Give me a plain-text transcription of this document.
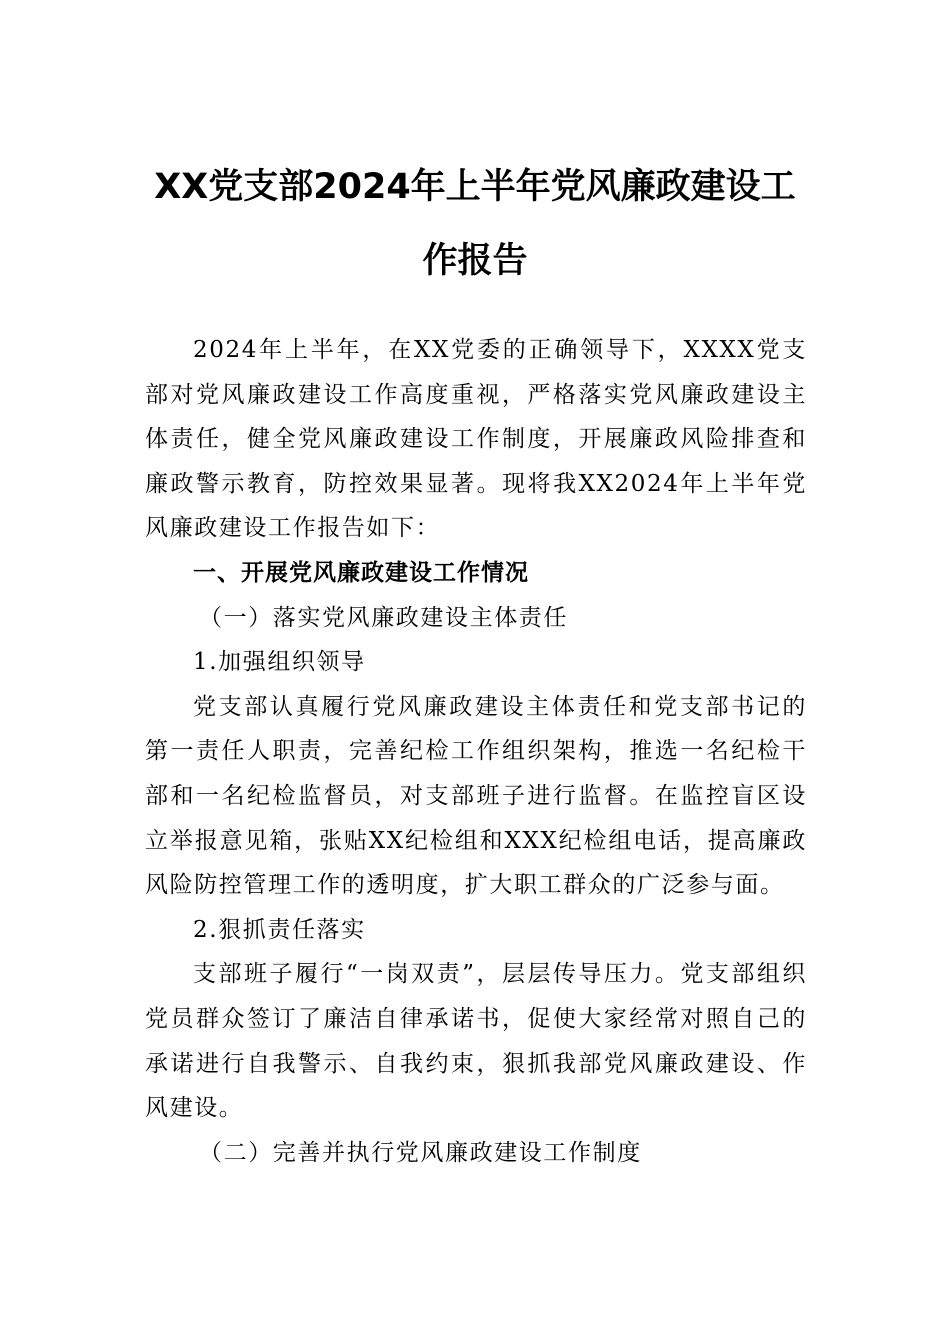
XX党支部2024年上半年党风廉政建设工作报告

2024年上半年，在XX党委的正确领导下，XXXX党支部对党风廉政建设工作高度重视，严格落实党风廉政建设主体责任，健全党风廉政建设工作制度，开展廉政风险排查和廉政警示教育，防控效果显著。现将我XX2024年上半年党风廉政建设工作报告如下：

一、开展党风廉政建设工作情况

（一）落实党风廉政建设主体责任

1.加强组织领导

党支部认真履行党风廉政建设主体责任和党支部书记的第一责任人职责，完善纪检工作组织架构，推选一名纪检干部和一名纪检监督员，对支部班子进行监督。在监控盲区设立举报意见箱，张贴XX纪检组和XXX纪检组电话，提高廉政风险防控管理工作的透明度，扩大职工群众的广泛参与面。

2.狠抓责任落实

支部班子履行“一岗双责”，层层传导压力。党支部组织党员群众签订了廉洁自律承诺书，促使大家经常对照自己的承诺进行自我警示、自我约束，狠抓我部党风廉政建设、作风建设。

（二）完善并执行党风廉政建设工作制度
